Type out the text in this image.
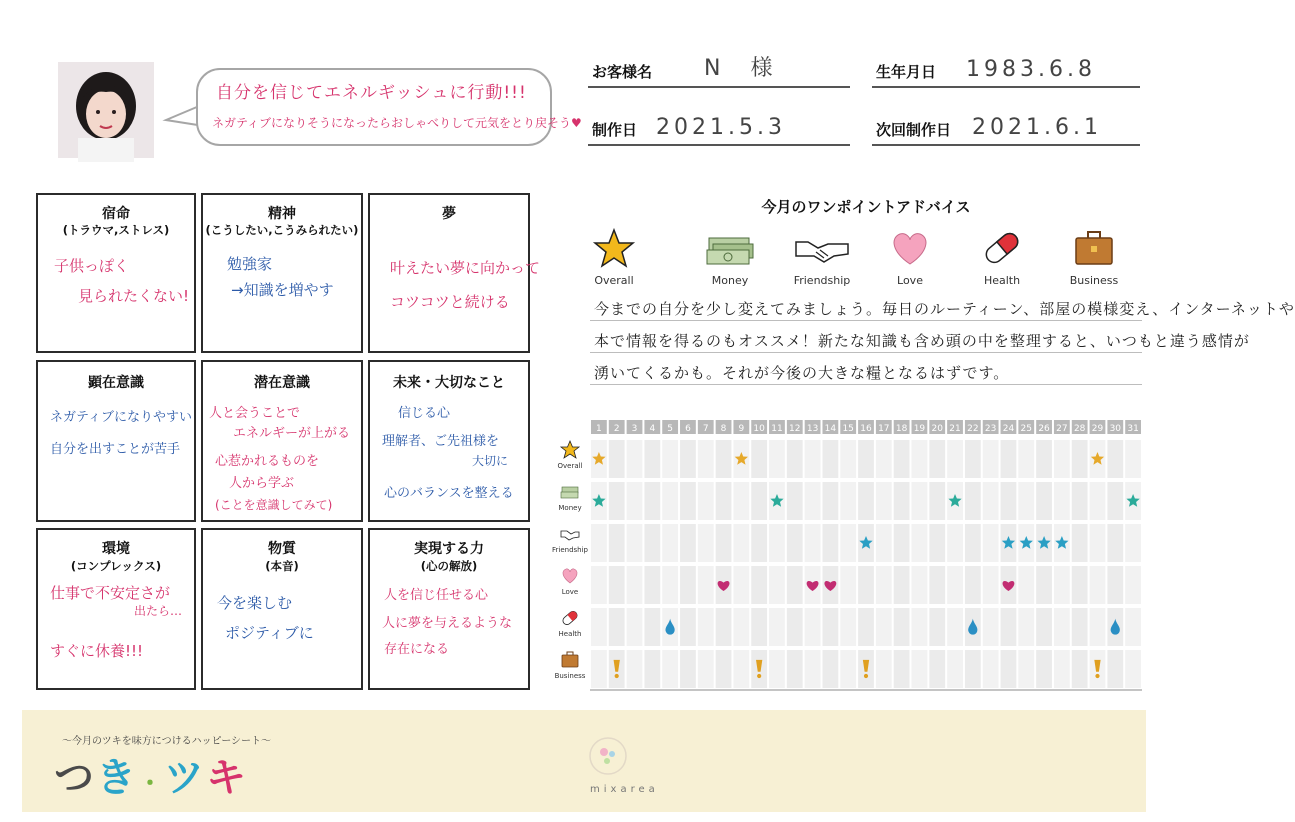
自分を信じてエネルギッシュに行動!!!
ネガティブになりそうになったらおしゃべりして元気をとり戻そう♥
お客様名 N　様	生年月日 1983.6.8
制作日 2021.5.3	次回制作日 2021.6.1
宿命
(トラウマ,ストレス)
子供っぽく
見られたくない!
精神
(こうしたい,こうみられたい)
勉強家
→知識を増やす
夢
叶えたい夢に向かって
コツコツと続ける
顕在意識
ネガティブになりやすい
自分を出すことが苦手
潜在意識
人と会うことで
エネルギーが上がる
心惹かれるものを
人から学ぶ
(ことを意識してみて)
未来・大切なこと
信じる心
理解者、ご先祖様を
大切に
心のバランスを整える
環境
(コンプレックス)
仕事で不安定さが
出たら…
すぐに休養!!!
物質
(本音)
今を楽しむ
ポジティブに
実現する力
(心の解放)
人を信じ任せる心
人に夢を与えるような
存在になる
今月のワンポイントアドバイス
Overall	Money	Friendship	Love	Health	Business
今までの自分を少し変えてみましょう。毎日のルーティーン、部屋の模様変え、インターネットや
本で情報を得るのもオススメ！新たな知識も含め頭の中を整理すると、いつもと違う感情が
湧いてくるかも。それが今後の大きな糧となるはずです。
1 2 3 4 5 6 7 8 9 10 11 12 13 14 15 16 17 18 19 20 21 22 23 24 25 26 27 28 29 30 31
Overall
Money
Friendship
Love
Health
Business
〜今月のツキを味方につけるハッピーシート〜
つき・ツキ	mixarea
